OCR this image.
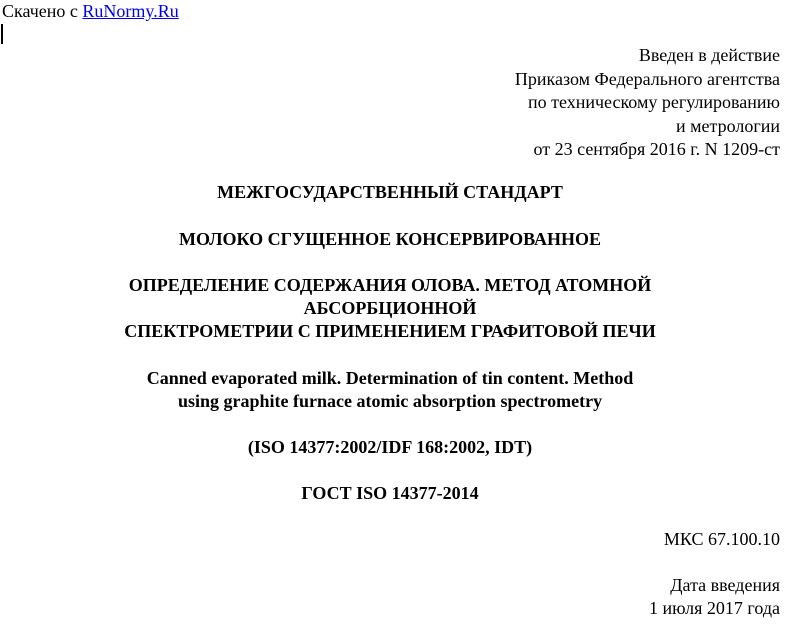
Скачено с RuNormy.Ru
Введен в действие
Приказом Федерального агентства
по техническому регулированию
и метрологии
от 23 сентября 2016 г. N 1209-ст
МЕЖГОСУДАРСТВЕННЫЙ СТАНДАРТ
МОЛОКО СГУЩЕННОЕ КОНСЕРВИРОВАННОЕ
ОПРЕДЕЛЕНИЕ СОДЕРЖАНИЯ ОЛОВА. МЕТОД АТОМНОЙ
АБСОРБЦИОННОЙ
СПЕКТРОМЕТРИИ С ПРИМЕНЕНИЕМ ГРАФИТОВОЙ ПЕЧИ
Canned evaporated milk. Determination of tin content. Method
using graphite furnace atomic absorption spectrometry
(ISO 14377:2002/IDF 168:2002, IDT)
ГОСТ ISO 14377-2014
МКС 67.100.10
Дата введения
1 июля 2017 года
